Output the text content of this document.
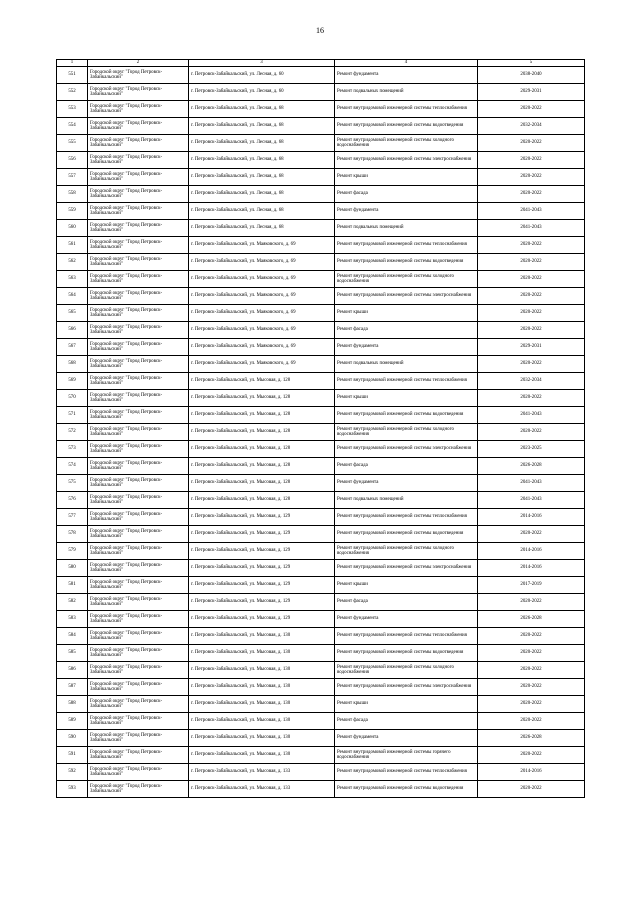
16
1	2	3	4	5
551	Городской округ "Город Петровск-Забайкальский"	г. Петровск-Забайкальский, ул. Лесная, д. 60	Ремонт фундамента	2038-2040
552	Городской округ "Город Петровск-Забайкальский"	г. Петровск-Забайкальский, ул. Лесная, д. 60	Ремонт подвальных помещений	2029-2031
553	Городской округ "Город Петровск-Забайкальский"	г. Петровск-Забайкальский, ул. Лесная, д. 68	Ремонт внутридомовой инженерной системы теплоснабжения	2020-2022
554	Городской округ "Город Петровск-Забайкальский"	г. Петровск-Забайкальский, ул. Лесная, д. 68	Ремонт внутридомовой инженерной системы водоотведения	2032-2034
555	Городской округ "Город Петровск-Забайкальский"	г. Петровск-Забайкальский, ул. Лесная, д. 68	Ремонт внутридомовой инженерной системы холодного водоснабжения	2020-2022
556	Городской округ "Город Петровск-Забайкальский"	г. Петровск-Забайкальский, ул. Лесная, д. 68	Ремонт внутридомовой инженерной системы электроснабжения	2020-2022
557	Городской округ "Город Петровск-Забайкальский"	г. Петровск-Забайкальский, ул. Лесная, д. 68	Ремонт крыши	2020-2022
558	Городской округ "Город Петровск-Забайкальский"	г. Петровск-Забайкальский, ул. Лесная, д. 68	Ремонт фасада	2020-2022
559	Городской округ "Город Петровск-Забайкальский"	г. Петровск-Забайкальский, ул. Лесная, д. 68	Ремонт фундамента	2041-2043
560	Городской округ "Город Петровск-Забайкальский"	г. Петровск-Забайкальский, ул. Лесная, д. 68	Ремонт подвальных помещений	2041-2043
561	Городской округ "Город Петровск-Забайкальский"	г. Петровск-Забайкальский, ул. Маяковского, д. 69	Ремонт внутридомовой инженерной системы теплоснабжения	2020-2022
562	Городской округ "Город Петровск-Забайкальский"	г. Петровск-Забайкальский, ул. Маяковского, д. 69	Ремонт внутридомовой инженерной системы водоотведения	2020-2022
563	Городской округ "Город Петровск-Забайкальский"	г. Петровск-Забайкальский, ул. Маяковского, д. 69	Ремонт внутридомовой инженерной системы холодного водоснабжения	2020-2022
564	Городской округ "Город Петровск-Забайкальский"	г. Петровск-Забайкальский, ул. Маяковского, д. 69	Ремонт внутридомовой инженерной системы электроснабжения	2020-2022
565	Городской округ "Город Петровск-Забайкальский"	г. Петровск-Забайкальский, ул. Маяковского, д. 69	Ремонт крыши	2020-2022
566	Городской округ "Город Петровск-Забайкальский"	г. Петровск-Забайкальский, ул. Маяковского, д. 69	Ремонт фасада	2020-2022
567	Городской округ "Город Петровск-Забайкальский"	г. Петровск-Забайкальский, ул. Маяковского, д. 69	Ремонт фундамента	2029-2031
568	Городской округ "Город Петровск-Забайкальский"	г. Петровск-Забайкальский, ул. Маяковского, д. 69	Ремонт подвальных помещений	2020-2022
569	Городской округ "Город Петровск-Забайкальский"	г. Петровск-Забайкальский, ул. Мысовая, д. 128	Ремонт внутридомовой инженерной системы теплоснабжения	2032-2034
570	Городской округ "Город Петровск-Забайкальский"	г. Петровск-Забайкальский, ул. Мысовая, д. 128	Ремонт крыши	2020-2022
571	Городской округ "Город Петровск-Забайкальский"	г. Петровск-Забайкальский, ул. Мысовая, д. 128	Ремонт внутридомовой инженерной системы водоотведения	2041-2043
572	Городской округ "Город Петровск-Забайкальский"	г. Петровск-Забайкальский, ул. Мысовая, д. 128	Ремонт внутридомовой инженерной системы холодного водоснабжения	2020-2022
573	Городской округ "Город Петровск-Забайкальский"	г. Петровск-Забайкальский, ул. Мысовая, д. 128	Ремонт внутридомовой инженерной системы электроснабжения	2023-2025
574	Городской округ "Город Петровск-Забайкальский"	г. Петровск-Забайкальский, ул. Мысовая, д. 128	Ремонт фасада	2026-2028
575	Городской округ "Город Петровск-Забайкальский"	г. Петровск-Забайкальский, ул. Мысовая, д. 128	Ремонт фундамента	2041-2043
576	Городской округ "Город Петровск-Забайкальский"	г. Петровск-Забайкальский, ул. Мысовая, д. 128	Ремонт подвальных помещений	2041-2043
577	Городской округ "Город Петровск-Забайкальский"	г. Петровск-Забайкальский, ул. Мысовая, д. 129	Ремонт внутридомовой инженерной системы теплоснабжения	2014-2016
578	Городской округ "Город Петровск-Забайкальский"	г. Петровск-Забайкальский, ул. Мысовая, д. 129	Ремонт внутридомовой инженерной системы водоотведения	2020-2022
579	Городской округ "Город Петровск-Забайкальский"	г. Петровск-Забайкальский, ул. Мысовая, д. 129	Ремонт внутридомовой инженерной системы холодного водоснабжения	2014-2016
580	Городской округ "Город Петровск-Забайкальский"	г. Петровск-Забайкальский, ул. Мысовая, д. 129	Ремонт внутридомовой инженерной системы электроснабжения	2014-2016
581	Городской округ "Город Петровск-Забайкальский"	г. Петровск-Забайкальский, ул. Мысовая, д. 129	Ремонт крыши	2017-2019
582	Городской округ "Город Петровск-Забайкальский"	г. Петровск-Забайкальский, ул. Мысовая, д. 129	Ремонт фасада	2020-2022
583	Городской округ "Город Петровск-Забайкальский"	г. Петровск-Забайкальский, ул. Мысовая, д. 129	Ремонт фундамента	2026-2028
584	Городской округ "Город Петровск-Забайкальский"	г. Петровск-Забайкальский, ул. Мысовая, д. 130	Ремонт внутридомовой инженерной системы теплоснабжения	2020-2022
585	Городской округ "Город Петровск-Забайкальский"	г. Петровск-Забайкальский, ул. Мысовая, д. 130	Ремонт внутридомовой инженерной системы водоотведения	2020-2022
586	Городской округ "Город Петровск-Забайкальский"	г. Петровск-Забайкальский, ул. Мысовая, д. 130	Ремонт внутридомовой инженерной системы холодного водоснабжения	2020-2022
587	Городской округ "Город Петровск-Забайкальский"	г. Петровск-Забайкальский, ул. Мысовая, д. 130	Ремонт внутридомовой инженерной системы электроснабжения	2020-2022
588	Городской округ "Город Петровск-Забайкальский"	г. Петровск-Забайкальский, ул. Мысовая, д. 130	Ремонт крыши	2020-2022
589	Городской округ "Город Петровск-Забайкальский"	г. Петровск-Забайкальский, ул. Мысовая, д. 130	Ремонт фасада	2020-2022
590	Городской округ "Город Петровск-Забайкальский"	г. Петровск-Забайкальский, ул. Мысовая, д. 130	Ремонт фундамента	2026-2028
591	Городской округ "Город Петровск-Забайкальский"	г. Петровск-Забайкальский, ул. Мысовая, д. 130	Ремонт внутридомовой инженерной системы горячего водоснабжения	2020-2022
592	Городской округ "Город Петровск-Забайкальский"	г. Петровск-Забайкальский, ул. Мысовая, д. 133	Ремонт внутридомовой инженерной системы теплоснабжения	2014-2016
593	Городской округ "Город Петровск-Забайкальский"	г. Петровск-Забайкальский, ул. Мысовая, д. 133	Ремонт внутридомовой инженерной системы водоотведения	2020-2022
